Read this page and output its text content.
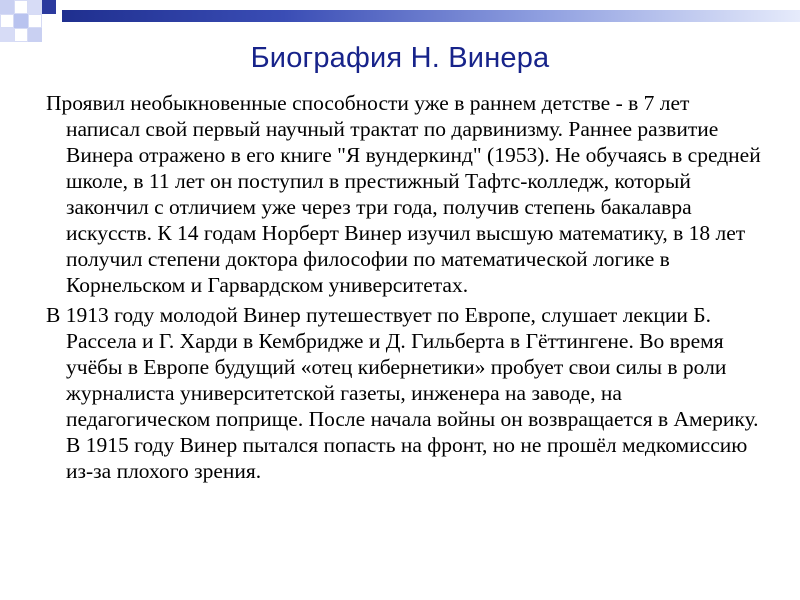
Биография Н. Винера

Проявил необыкновенные способности уже в раннем детстве - в 7 лет написал свой первый научный трактат по дарвинизму. Раннее развитие Винера отражено в его книге "Я вундеркинд" (1953). Не обучаясь в средней школе, в 11 лет он поступил в престижный Тафтс-колледж, который закончил с отличием уже через три года, получив степень бакалавра искусств. К 14 годам Норберт Винер изучил высшую математику, в 18 лет получил степени доктора философии по математической логике в Корнельском и Гарвардском университетах.

В 1913 году молодой Винер путешествует по Европе, слушает лекции Б. Рассела и Г. Харди в Кембридже и Д. Гильберта в Гёттингене. Во время учёбы в Европе будущий «отец кибернетики» пробует свои силы в роли журналиста университетской газеты, инженера на заводе, на педагогическом поприще. После начала войны он возвращается в Америку. В 1915 году Винер пытался попасть на фронт, но не прошёл медкомиссию из-за плохого зрения.
